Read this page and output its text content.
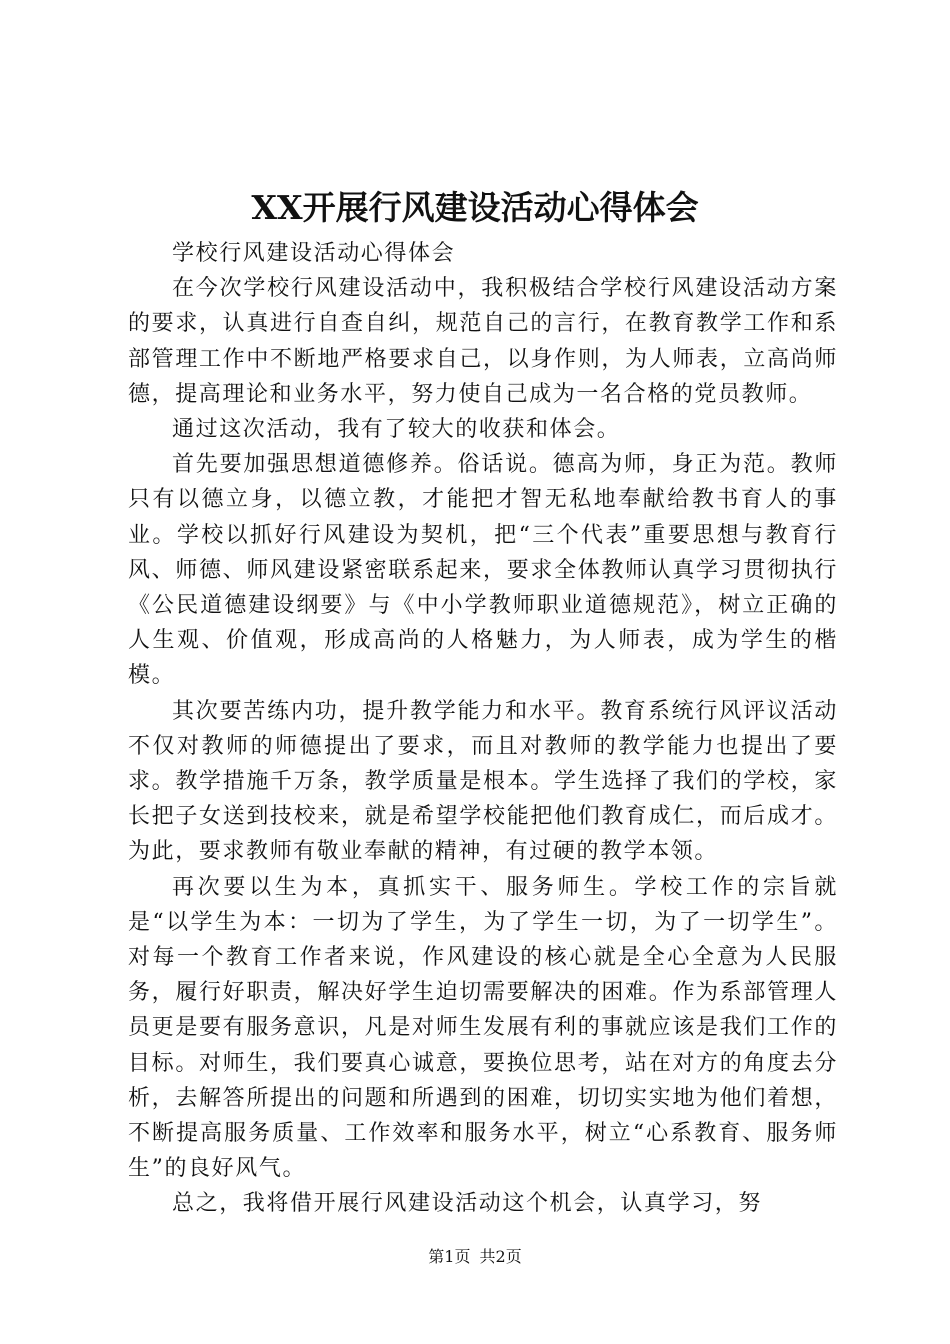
XX开展行风建设活动心得体会

学校行风建设活动心得体会

在今次学校行风建设活动中，我积极结合学校行风建设活动方案的要求，认真进行自查自纠，规范自己的言行，在教育教学工作和系部管理工作中不断地严格要求自己，以身作则，为人师表，立高尚师德，提高理论和业务水平，努力使自己成为一名合格的党员教师。

通过这次活动，我有了较大的收获和体会。

首先要加强思想道德修养。俗话说。德高为师，身正为范。教师只有以德立身，以德立教，才能把才智无私地奉献给教书育人的事业。学校以抓好行风建设为契机，把“三个代表”重要思想与教育行风、师德、师风建设紧密联系起来，要求全体教师认真学习贯彻执行《公民道德建设纲要》与《中小学教师职业道德规范》，树立正确的人生观、价值观，形成高尚的人格魅力，为人师表，成为学生的楷模。

其次要苦练内功，提升教学能力和水平。教育系统行风评议活动不仅对教师的师德提出了要求，而且对教师的教学能力也提出了要求。教学措施千万条，教学质量是根本。学生选择了我们的学校，家长把子女送到技校来，就是希望学校能把他们教育成仁，而后成才。为此，要求教师有敬业奉献的精神，有过硬的教学本领。

再次要以生为本，真抓实干、服务师生。学校工作的宗旨就是“以学生为本：一切为了学生，为了学生一切，为了一切学生”。对每一个教育工作者来说，作风建设的核心就是全心全意为人民服务，履行好职责，解决好学生迫切需要解决的困难。作为系部管理人员更是要有服务意识，凡是对师生发展有利的事就应该是我们工作的目标。对师生，我们要真心诚意，要换位思考，站在对方的角度去分析，去解答所提出的问题和所遇到的困难，切切实实地为他们着想，不断提高服务质量、工作效率和服务水平，树立“心系教育、服务师生”的良好风气。

总之，我将借开展行风建设活动这个机会，认真学习，努

第1页 共2页
